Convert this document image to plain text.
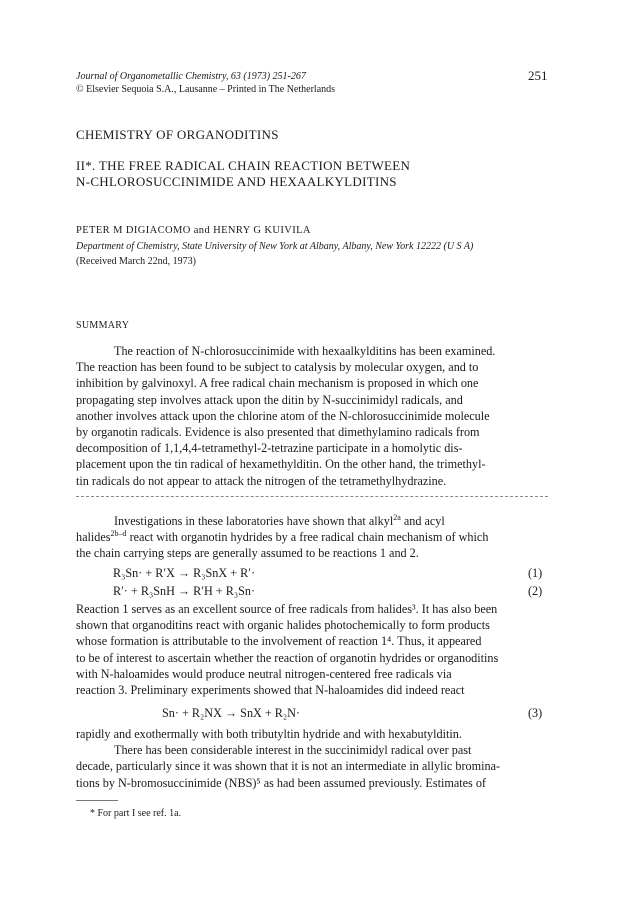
Journal of Organometallic Chemistry, 63 (1973) 251-267
© Elsevier Sequoia S.A., Lausanne – Printed in The Netherlands
251
CHEMISTRY OF ORGANODITINS
II*. THE FREE RADICAL CHAIN REACTION BETWEEN
N-CHLOROSUCCINIMIDE AND HEXAALKYLDITINS
PETER M DIGIACOMO and HENRY G KUIVILA
Department of Chemistry, State University of New York at Albany, Albany, New York 12222 (U S A)
(Received March 22nd, 1973)
SUMMARY
The reaction of N-chlorosuccinimide with hexaalkylditins has been examined.
The reaction has been found to be subject to catalysis by molecular oxygen, and to
inhibition by galvinoxyl. A free radical chain mechanism is proposed in which one
propagating step involves attack upon the ditin by N-succinimidyl radicals, and
another involves attack upon the chlorine atom of the N-chlorosuccinimide molecule
by organotin radicals. Evidence is also presented that dimethylamino radicals from
decomposition of 1,1,4,4-tetramethyl-2-tetrazine participate in a homolytic dis-
placement upon the tin radical of hexamethylditin. On the other hand, the trimethyl-
tin radicals do not appear to attack the nitrogen of the tetramethylhydrazine.
Investigations in these laboratories have shown that alkyl$^{2a}$ and acyl
halides$^{2b-d}$ react with organotin hydrides by a free radical chain mechanism of which
the chain carrying steps are generally assumed to be reactions 1 and 2.
R₃Sn· + R′X → R₃SnX + R′·	(1)
R′· + R₃SnH → R′H + R₃Sn·	(2)
Reaction 1 serves as an excellent source of free radicals from halides³. It has also been
shown that organoditins react with organic halides photochemically to form products
whose formation is attributable to the involvement of reaction 1⁴. Thus, it appeared
to be of interest to ascertain whether the reaction of organotin hydrides or organoditins
with N-haloamides would produce neutral nitrogen-centered free radicals via
reaction 3. Preliminary experiments showed that N-haloamides did indeed react
Sn· + R₂NX → SnX + R₂N·	(3)
rapidly and exothermally with both tributyltin hydride and with hexabutylditin.
There has been considerable interest in the succinimidyl radical over past
decade, particularly since it was shown that it is not an intermediate in allylic bromina-
tions by N-bromosuccinimide (NBS)⁵ as had been assumed previously. Estimates of
* For part I see ref. 1a.
